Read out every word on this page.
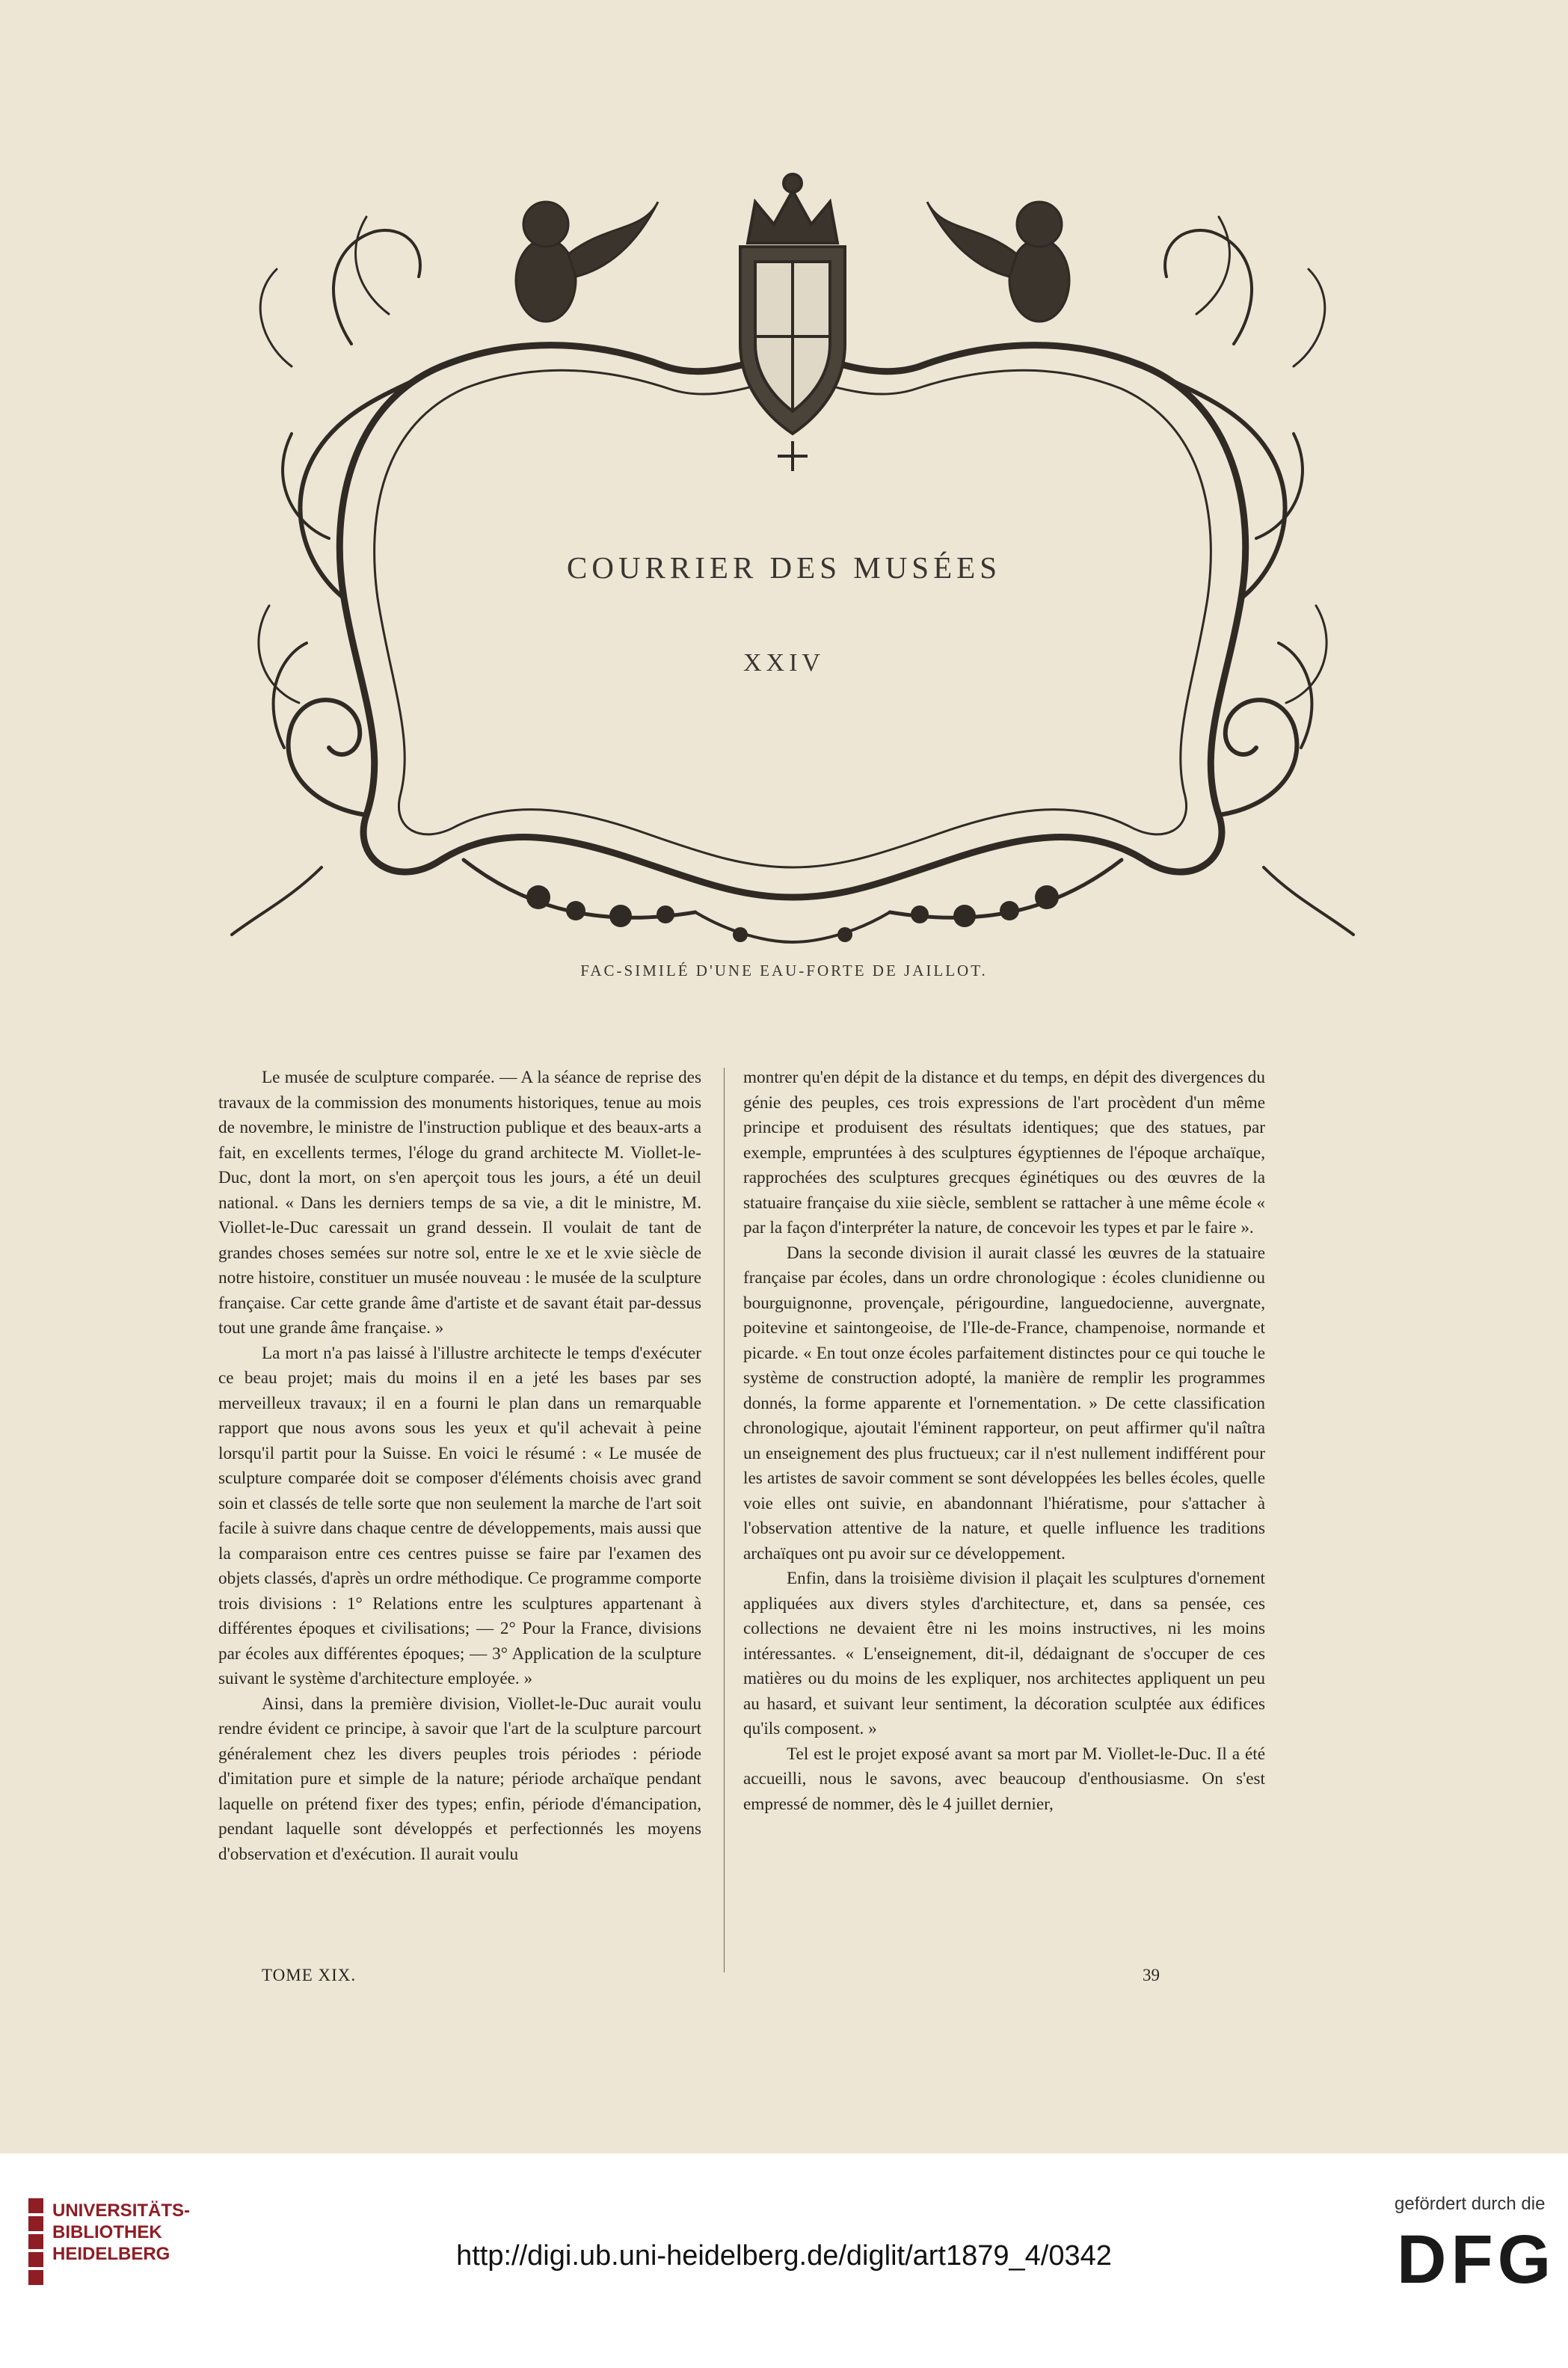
COURRIER DES MUSÉES
XXIV
FAC-SIMILÉ D'UNE EAU-FORTE DE JAILLOT.

Le musée de sculpture comparée. — A la séance de reprise des travaux de la commission des monuments historiques, tenue au mois de novembre, le ministre de l'instruction publique et des beaux-arts a fait, en excellents termes, l'éloge du grand architecte M. Viollet-le-Duc, dont la mort, on s'en aperçoit tous les jours, a été un deuil national. « Dans les derniers temps de sa vie, a dit le ministre, M. Viollet-le-Duc caressait un grand dessein. Il voulait de tant de grandes choses semées sur notre sol, entre le xe et le xvie siècle de notre histoire, constituer un musée nouveau : le musée de la sculpture française. Car cette grande âme d'artiste et de savant était par-dessus tout une grande âme française. »

La mort n'a pas laissé à l'illustre architecte le temps d'exécuter ce beau projet; mais du moins il en a jeté les bases par ses merveilleux travaux; il en a fourni le plan dans un remarquable rapport que nous avons sous les yeux et qu'il achevait à peine lorsqu'il partit pour la Suisse. En voici le résumé : « Le musée de sculpture comparée doit se composer d'éléments choisis avec grand soin et classés de telle sorte que non seulement la marche de l'art soit facile à suivre dans chaque centre de développements, mais aussi que la comparaison entre ces centres puisse se faire par l'examen des objets classés, d'après un ordre méthodique. Ce programme comporte trois divisions : 1° Relations entre les sculptures appartenant à différentes époques et civilisations; — 2° Pour la France, divisions par écoles aux différentes époques; — 3° Application de la sculpture suivant le système d'architecture employée. »

Ainsi, dans la première division, Viollet-le-Duc aurait voulu rendre évident ce principe, à savoir que l'art de la sculpture parcourt généralement chez les divers peuples trois périodes : période d'imitation pure et simple de la nature; période archaïque pendant laquelle on prétend fixer des types; enfin, période d'émancipation, pendant laquelle sont développés et perfectionnés les moyens d'observation et d'exécution. Il aurait voulu

montrer qu'en dépit de la distance et du temps, en dépit des divergences du génie des peuples, ces trois expressions de l'art procèdent d'un même principe et produisent des résultats identiques; que des statues, par exemple, empruntées à des sculptures égyptiennes de l'époque archaïque, rapprochées des sculptures grecques éginétiques ou des œuvres de la statuaire française du xiie siècle, semblent se rattacher à une même école « par la façon d'interpréter la nature, de concevoir les types et par le faire ».

Dans la seconde division il aurait classé les œuvres de la statuaire française par écoles, dans un ordre chronologique : écoles clunidienne ou bourguignonne, provençale, périgourdine, languedocienne, auvergnate, poitevine et saintongeoise, de l'Ile-de-France, champenoise, normande et picarde. « En tout onze écoles parfaitement distinctes pour ce qui touche le système de construction adopté, la manière de remplir les programmes donnés, la forme apparente et l'ornementation. » De cette classification chronologique, ajoutait l'éminent rapporteur, on peut affirmer qu'il naîtra un enseignement des plus fructueux; car il n'est nullement indifférent pour les artistes de savoir comment se sont développées les belles écoles, quelle voie elles ont suivie, en abandonnant l'hiératisme, pour s'attacher à l'observation attentive de la nature, et quelle influence les traditions archaïques ont pu avoir sur ce développement.

Enfin, dans la troisième division il plaçait les sculptures d'ornement appliquées aux divers styles d'architecture, et, dans sa pensée, ces collections ne devaient être ni les moins instructives, ni les moins intéressantes. « L'enseignement, dit-il, dédaignant de s'occuper de ces matières ou du moins de les expliquer, nos architectes appliquent un peu au hasard, et suivant leur sentiment, la décoration sculptée aux édifices qu'ils composent. »

Tel est le projet exposé avant sa mort par M. Viollet-le-Duc. Il a été accueilli, nous le savons, avec beaucoup d'enthousiasme. On s'est empressé de nommer, dès le 4 juillet dernier,

TOME XIX.	39
UNIVERSITÄTS-
BIBLIOTHEK
HEIDELBERG	http://digi.ub.uni-heidelberg.de/diglit/art1879_4/0342
gefördert durch die
DFG
